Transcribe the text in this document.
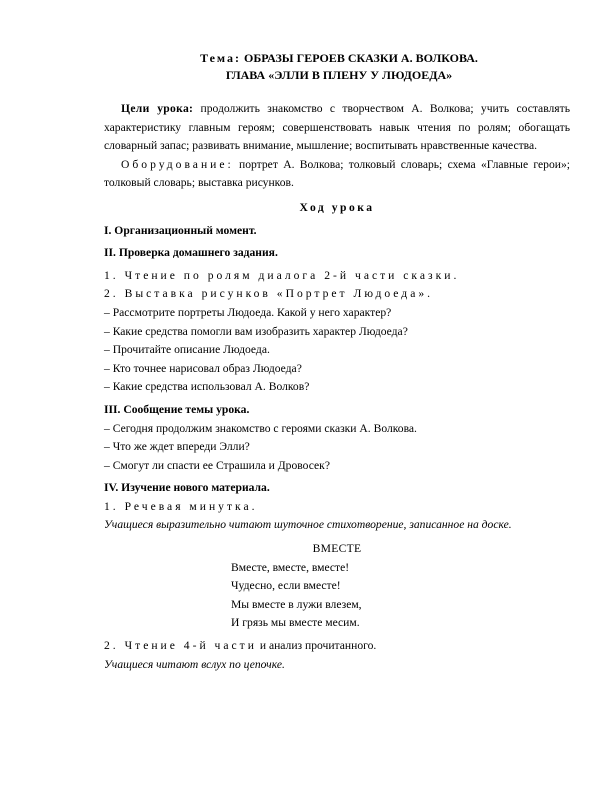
Тема: ОБРАЗЫ ГЕРОЕВ СКАЗКИ А. ВОЛКОВА.
ГЛАВА «ЭЛЛИ В ПЛЕНУ У ЛЮДОЕДА»
Цели урока: продолжить знакомство с творчеством А. Волкова; учить составлять характеристику главным героям; совершенствовать навык чтения по ролям; обогащать словарный запас; развивать внимание, мышление; воспитывать нравственные качества.
Оборудование: портрет А. Волкова; толковый словарь; схема «Главные герои»; толковый словарь; выставка рисунков.
Ход урока
I. Организационный момент.
II. Проверка домашнего задания.
1. Чтение по ролям диалога 2-й части сказки.
2. Выставка рисунков «Портрет Людоеда».
– Рассмотрите портреты Людоеда. Какой у него характер?
– Какие средства помогли вам изобразить характер Людоеда?
– Прочитайте описание Людоеда.
– Кто точнее нарисовал образ Людоеда?
– Какие средства использовал А. Волков?
III. Сообщение темы урока.
– Сегодня продолжим знакомство с героями сказки А. Волкова.
– Что же ждет впереди Элли?
– Смогут ли спасти ее Страшила и Дровосек?
IV. Изучение нового материала.
1. Речевая минутка.
Учащиеся выразительно читают шуточное стихотворение, записанное на доске.
ВМЕСТЕ
Вместе, вместе, вместе!
Чудесно, если вместе!
Мы вместе в лужи влезем,
И грязь мы вместе месим.
2. Чтение 4-й части и анализ прочитанного.
Учащиеся читают вслух по цепочке.
